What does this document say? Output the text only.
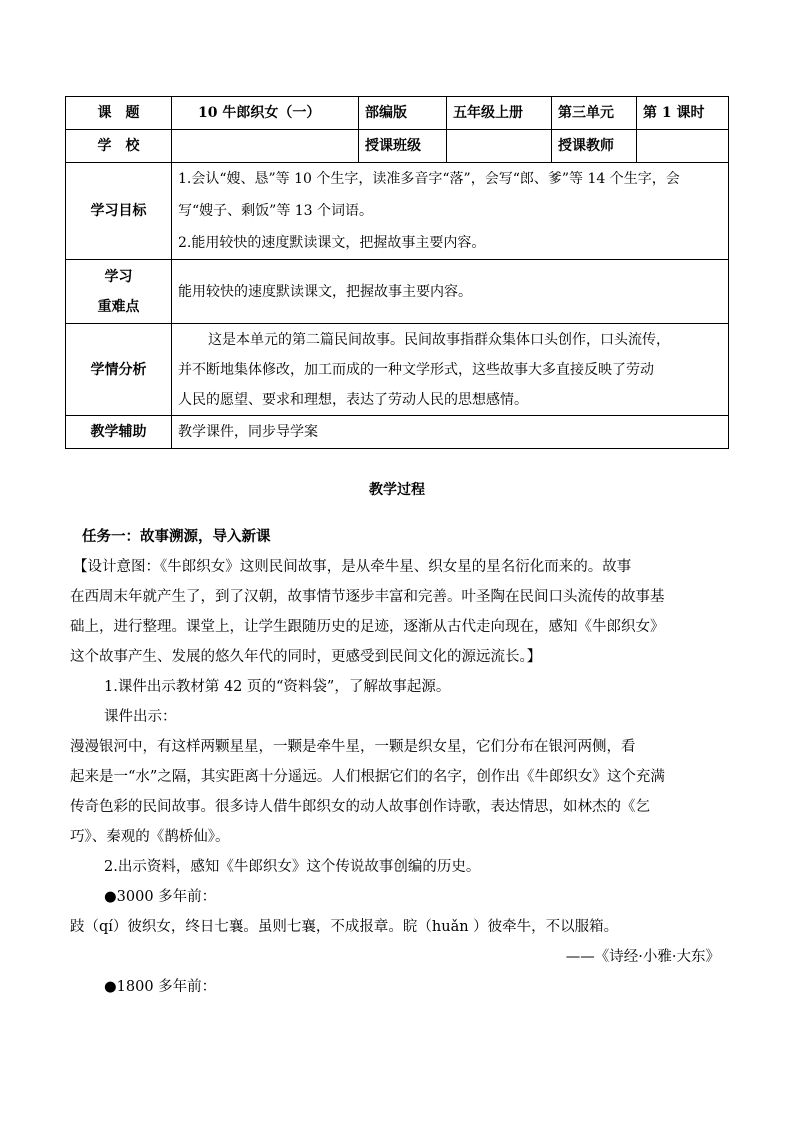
课　题	10 牛郎织女（一）	部编版	五年级上册	第三单元	第 1 课时
学　校		授课班级		授课教师	
学习目标	1.会认“嫂、恳”等 10 个生字，读准多音字“落”，会写“郎、爹”等 14 个生字，会
写“嫂子、剩饭”等 13 个词语。
2.能用较快的速度默读课文，把握故事主要内容。				

学习
重难点	能用较快的速度默读课文，把握故事主要内容。				
学情分析	这是本单元的第二篇民间故事。民间故事指群众集体口头创作，口头流传，
并不断地集体修改，加工而成的一种文学形式，这些故事大多直接反映了劳动
人民的愿望、要求和理想，表达了劳动人民的思想感情。				

教学辅助	教学课件，同步导学案				
教学过程
任务一：故事溯源，导入新课
【设计意图：《牛郎织女》这则民间故事，是从牵牛星、织女星的星名衍化而来的。故事
在西周末年就产生了，到了汉朝，故事情节逐步丰富和完善。叶圣陶在民间口头流传的故事基
础上，进行整理。课堂上，让学生跟随历史的足迹，逐渐从古代走向现在，感知《牛郎织女》
这个故事产生、发展的悠久年代的同时，更感受到民间文化的源远流长。】
1.课件出示教材第 42 页的“资料袋”，了解故事起源。
课件出示：
漫漫银河中，有这样两颗星星，一颗是牵牛星，一颗是织女星，它们分布在银河两侧，看
起来是一“水”之隔，其实距离十分遥远。人们根据它们的名字，创作出《牛郎织女》这个充满
传奇色彩的民间故事。很多诗人借牛郎织女的动人故事创作诗歌，表达情思，如林杰的《乞
巧》、秦观的《鹊桥仙》。
2.出示资料，感知《牛郎织女》这个传说故事创编的历史。
●3000 多年前：
跂（qí）彼织女，终日七襄。虽则七襄，不成报章。睆（huǎn ）彼牵牛，不以服箱。
——《诗经·小雅·大东》
●1800 多年前：
